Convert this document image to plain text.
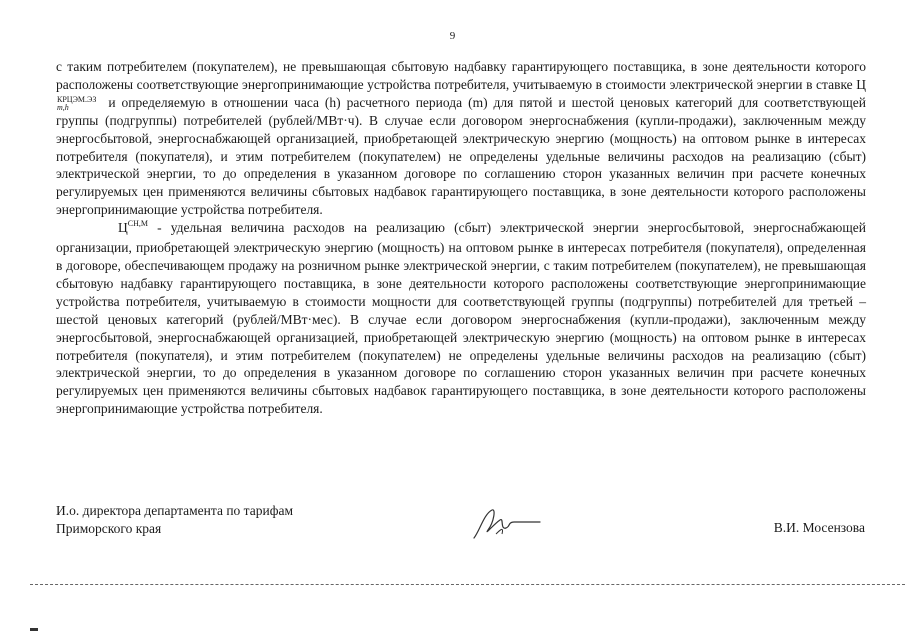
9

с таким потребителем (покупателем), не превышающая сбытовую надбавку гарантирующего поставщика, в зоне деятельности которого расположены соответствующие энергопринимающие устройства потребителя, учитываемую в стоимости электрической энергии в ставке Ц
КРЦЭМ.ЭЗ
m,h	и определяемую в отношении часа (h) расчетного периода (m) для пятой и шестой ценовых категорий для соответствующей группы (подгруппы) потребителей (рублей/МВт·ч). В случае если договором энергоснабжения (купли-продажи), заключенным между энергосбытовой, энергоснабжающей организацией, приобретающей электрическую энергию (мощность) на оптовом рынке в интересах потребителя (покупателя), и этим потребителем (покупателем) не определены удельные величины расходов на реализацию (сбыт) электрической энергии, то до определения в указанном договоре по соглашению сторон указанных величин при расчете конечных регулируемых цен применяются величины сбытовых надбавок гарантирующего поставщика, в зоне деятельности которого расположены энергопринимающие устройства потребителя.

$Ц^{СН,М}$ - удельная величина расходов на реализацию (сбыт) электрической энергии энергосбытовой, энергоснабжающей организации, приобретающей электрическую энергию (мощность) на оптовом рынке в интересах потребителя (покупателя), определенная в договоре, обеспечивающем продажу на розничном рынке электрической энергии, с таким потребителем (покупателем), не превышающая сбытовую надбавку гарантирующего поставщика, в зоне деятельности которого расположены соответствующие энергопринимающие устройства потребителя, учитываемую в стоимости мощности для соответствующей группы (подгруппы) потребителей для третьей – шестой ценовых категорий (рублей/МВт·мес). В случае если договором энергоснабжения (купли-продажи), заключенным между энергосбытовой, энергоснабжающей организацией, приобретающей электрическую энергию (мощность) на оптовом рынке в интересах потребителя (покупателя), и этим потребителем (покупателем) не определены удельные величины расходов на реализацию (сбыт) электрической энергии, то до определения в указанном договоре по соглашению сторон указанных величин при расчете конечных регулируемых цен применяются величины сбытовых надбавок гарантирующего поставщика, в зоне деятельности которого расположены энергопринимающие устройства потребителя.

И.о. директора департамента по тарифам
Приморского края	В.И. Мосензова
